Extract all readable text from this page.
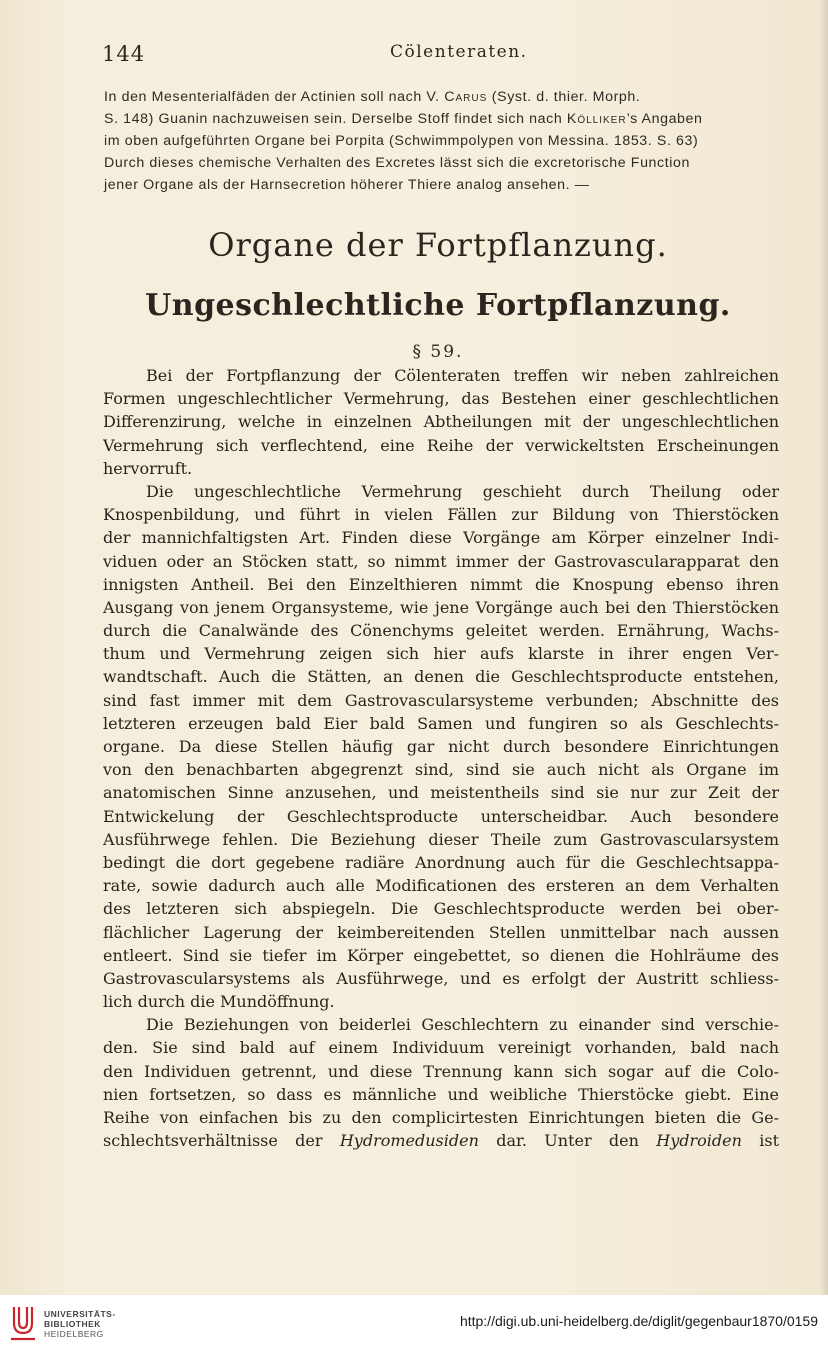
144	Cölenteraten.
In den Mesenterialfäden der Actinien soll nach V. Carus (Syst. d. thier. Morph.
S. 148) Guanin nachzuweisen sein. Derselbe Stoff findet sich nach Kölliker’s Angaben
im oben aufgeführten Organe bei Porpita (Schwimmpolypen von Messina. 1853. S. 63)
Durch dieses chemische Verhalten des Excretes lässt sich die excretorische Function
jener Organe als der Harnsecretion höherer Thiere analog ansehen. —
Organe der Fortpflanzung.
Ungeschlechtliche Fortpflanzung.
§ 59.
Bei der Fortpflanzung der Cölenteraten treffen wir neben zahlreichen
Formen ungeschlechtlicher Vermehrung, das Bestehen einer geschlechtlichen
Differenzirung, welche in einzelnen Abtheilungen mit der ungeschlechtlichen
Vermehrung sich verflechtend, eine Reihe der verwickeltsten Erscheinungen
hervorruft.
Die ungeschlechtliche Vermehrung geschieht durch Theilung oder
Knospenbildung, und führt in vielen Fällen zur Bildung von Thierstöcken
der mannichfaltigsten Art. Finden diese Vorgänge am Körper einzelner Indi-
viduen oder an Stöcken statt, so nimmt immer der Gastrovascularapparat den
innigsten Antheil. Bei den Einzelthieren nimmt die Knospung ebenso ihren
Ausgang von jenem Organsysteme, wie jene Vorgänge auch bei den Thierstöcken
durch die Canalwände des Cönenchyms geleitet werden. Ernährung, Wachs-
thum und Vermehrung zeigen sich hier aufs klarste in ihrer engen Ver-
wandtschaft. Auch die Stätten, an denen die Geschlechtsproducte entstehen,
sind fast immer mit dem Gastrovascularsysteme verbunden; Abschnitte des
letzteren erzeugen bald Eier bald Samen und fungiren so als Geschlechts-
organe. Da diese Stellen häufig gar nicht durch besondere Einrichtungen
von den benachbarten abgegrenzt sind, sind sie auch nicht als Organe im
anatomischen Sinne anzusehen, und meistentheils sind sie nur zur Zeit der
Entwickelung der Geschlechtsproducte unterscheidbar. Auch besondere
Ausführwege fehlen. Die Beziehung dieser Theile zum Gastrovascularsystem
bedingt die dort gegebene radiäre Anordnung auch für die Geschlechtsappa-
rate, sowie dadurch auch alle Modificationen des ersteren an dem Verhalten
des letzteren sich abspiegeln. Die Geschlechtsproducte werden bei ober-
flächlicher Lagerung der keimbereitenden Stellen unmittelbar nach aussen
entleert. Sind sie tiefer im Körper eingebettet, so dienen die Hohlräume des
Gastrovascularsystems als Ausführwege, und es erfolgt der Austritt schliess-
lich durch die Mundöffnung.
Die Beziehungen von beiderlei Geschlechtern zu einander sind verschie-
den. Sie sind bald auf einem Individuum vereinigt vorhanden, bald nach
den Individuen getrennt, und diese Trennung kann sich sogar auf die Colo-
nien fortsetzen, so dass es männliche und weibliche Thierstöcke giebt. Eine
Reihe von einfachen bis zu den complicirtesten Einrichtungen bieten die Ge-
schlechtsverhältnisse der Hydromedusiden dar. Unter den Hydroiden ist
UNIVERSITÄTS-
BIBLIOTHEK
HEIDELBERG
http://digi.ub.uni-heidelberg.de/diglit/gegenbaur1870/0159
